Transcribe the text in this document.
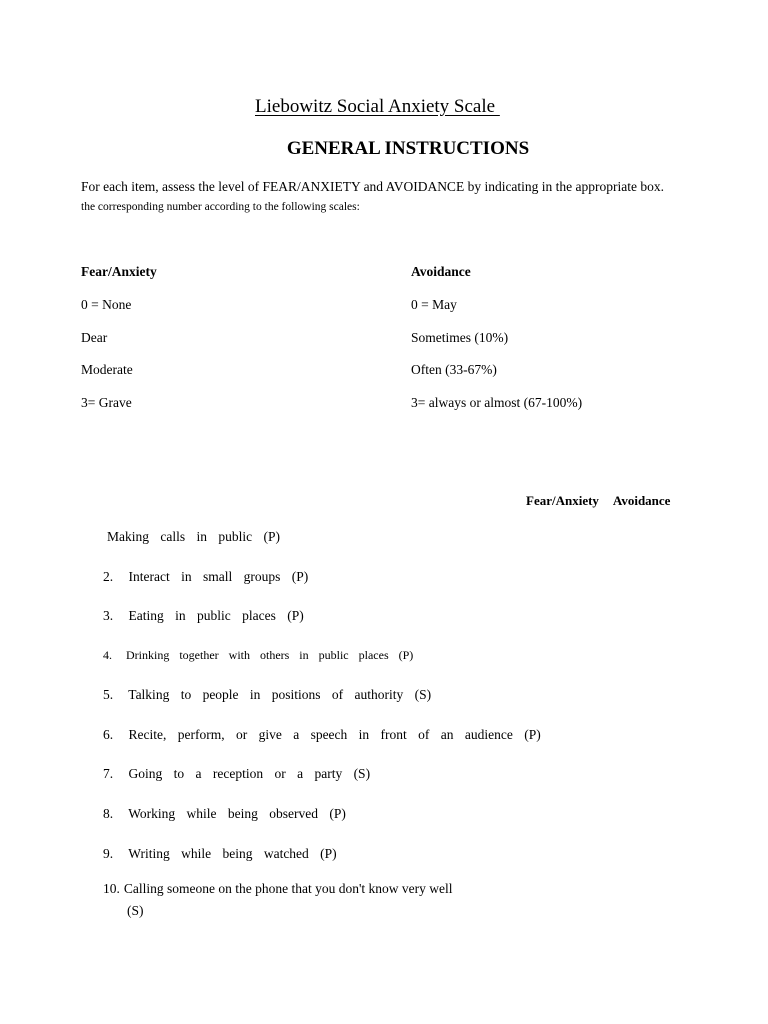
Liebowitz Social Anxiety Scale
GENERAL INSTRUCTIONS
For each item, assess the level of FEAR/ANXIETY and AVOIDANCE by indicating in the appropriate box.
the corresponding number according to the following scales:
Fear/Anxiety
0 = None
Dear
Moderate
3= Grave
Avoidance
0 = May
Sometimes (10%)
Often (33-67%)
3= always or almost (67-100%)
Fear/Anxiety Avoidance
Making calls in public (P)
2. Interact in small groups (P)
3. Eating in public places (P)
4. Drinking together with others in public places (P)
5. Talking to people in positions of authority (S)
6. Recite, perform, or give a speech in front of an audience (P)
7. Going to a reception or a party (S)
8. Working while being observed (P)
9. Writing while being watched (P)
10. Calling someone on the phone that you don't know very well
(S)
